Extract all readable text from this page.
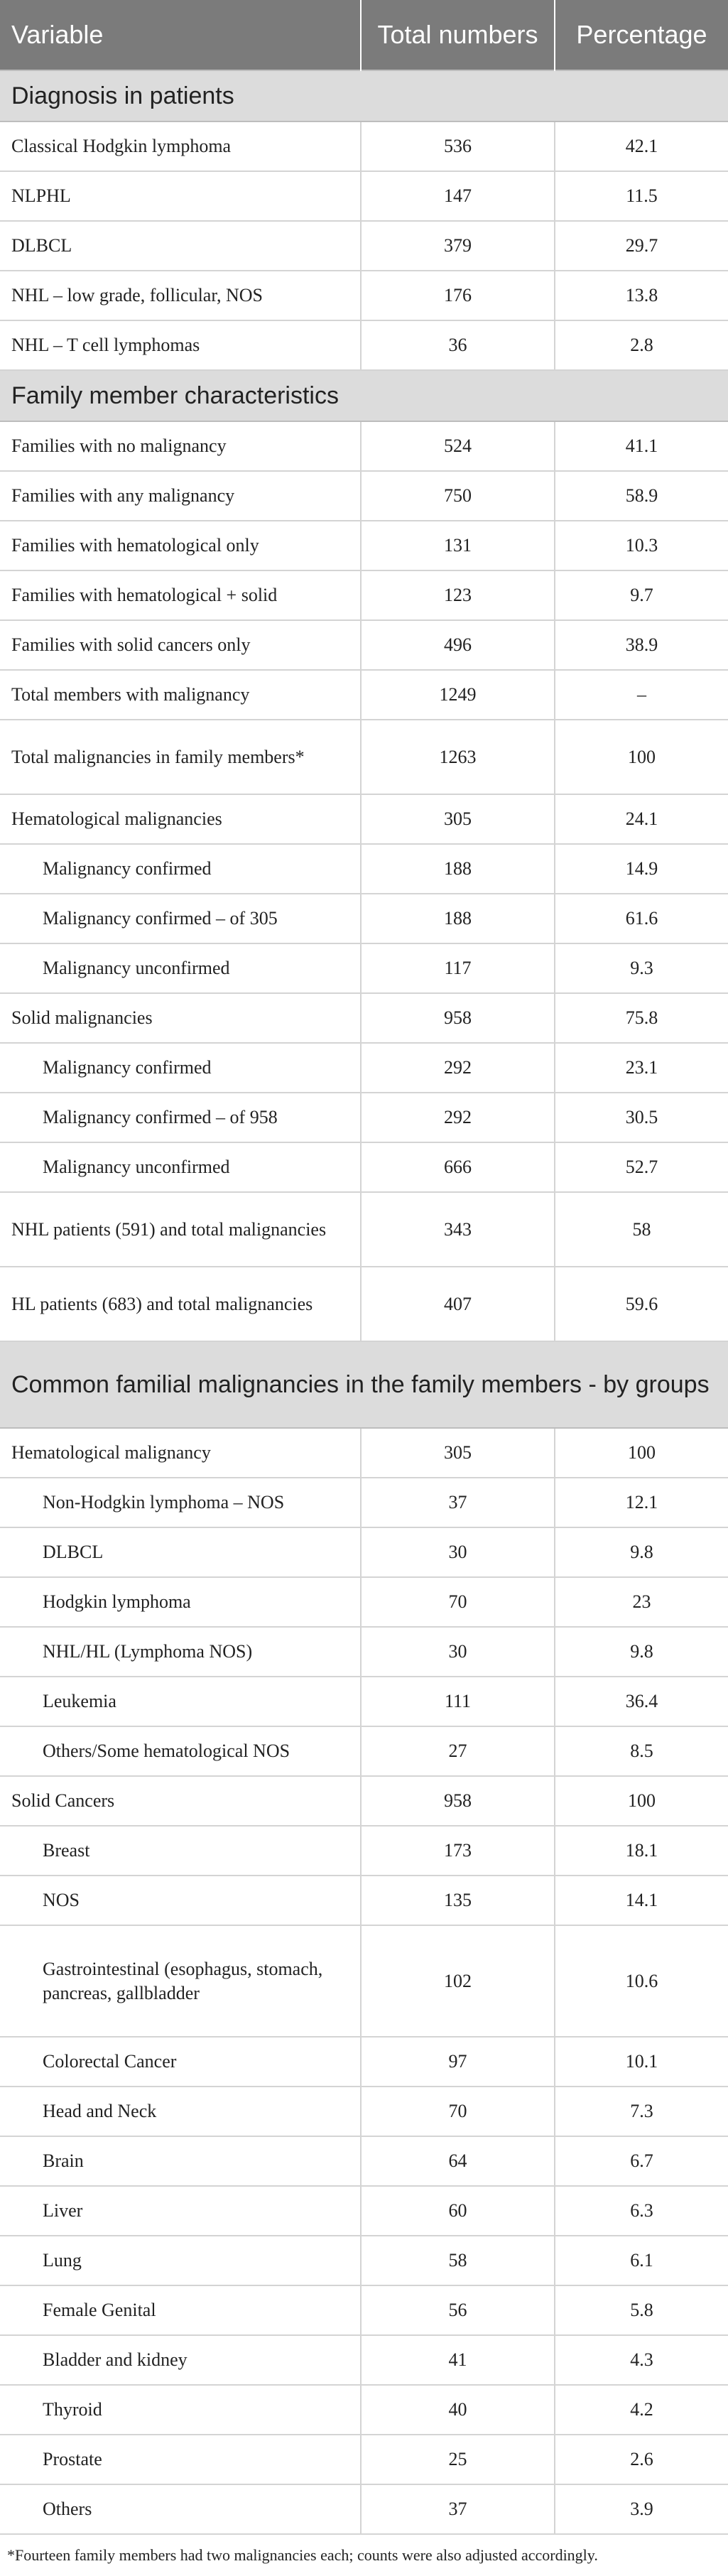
Variable	Total numbers	Percentage
Diagnosis in patients		
Classical Hodgkin lymphoma	536	42.1
NLPHL	147	11.5
DLBCL	379	29.7
NHL – low grade, follicular, NOS	176	13.8
NHL – T cell lymphomas	36	2.8
Family member characteristics		
Families with no malignancy	524	41.1
Families with any malignancy	750	58.9
Families with hematological only	131	10.3
Families with hematological + solid	123	9.7
Families with solid cancers only	496	38.9
Total members with malignancy	1249	–
Total malignancies in family members*	1263	100
Hematological malignancies	305	24.1
Malignancy confirmed	188	14.9
Malignancy confirmed – of 305	188	61.6
Malignancy unconfirmed	117	9.3
Solid malignancies	958	75.8
Malignancy confirmed	292	23.1
Malignancy confirmed – of 958	292	30.5
Malignancy unconfirmed	666	52.7
NHL patients (591) and total malignancies	343	58
HL patients (683) and total malignancies	407	59.6
Common familial malignancies in the family members - by groups		
Hematological malignancy	305	100
Non-Hodgkin lymphoma – NOS	37	12.1
DLBCL	30	9.8
Hodgkin lymphoma	70	23
NHL/HL (Lymphoma NOS)	30	9.8
Leukemia	111	36.4
Others/Some hematological NOS	27	8.5
Solid Cancers	958	100
Breast	173	18.1
NOS	135	14.1
Gastrointestinal (esophagus, stomach, pancreas, gallbladder	102	10.6
Colorectal Cancer	97	10.1
Head and Neck	70	7.3
Brain	64	6.7
Liver	60	6.3
Lung	58	6.1
Female Genital	56	5.8
Bladder and kidney	41	4.3
Thyroid	40	4.2
Prostate	25	2.6
Others	37	3.9
*Fourteen family members had two malignancies each; counts were also adjusted accordingly.
